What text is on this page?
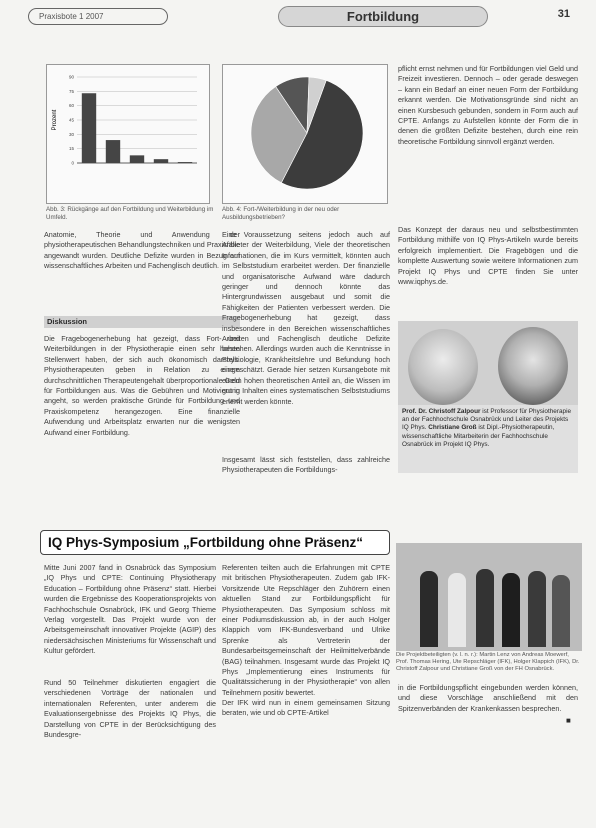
Praxisbote 1 2007	Fortbildung	31
0
15
30
45
60
75
90
Prozent
Abb. 3: Rückgänge auf den Fortbildung und Weiterbildung im Umfeld.
Abb. 4: Fort-/Weiterbildung in der neu oder Ausbildungsbetrieben?
Anatomie, Theorie und Anwendung der physiotherapeutischen Behandlungstechniken und Praxisfälle angewandt wurden. Deutliche Defizite wurden in Bezug auf wissenschaftliches Arbeiten und Fachenglisch deutlich.
Diskussion
Die Fragebogenerhebung hat gezeigt, dass Fort- und Weiterbildungen in der Physiotherapie einen sehr hohen Stellenwert haben, der sich auch ökonomisch darstellt. Physiotherapeuten geben in Relation zu einem durchschnittlichen Therapeutengehalt überproportionale Geld für Fortbildungen aus. Was die Gebühren und Motivierung angeht, so werden praktische Gründe für Fortbildung und Praxiskompetenz herangezogen. Eine finanzielle Aufwendung und Arbeitsplatz erwarten nur die wenigsten Aufwand einer Fortbildung.
Eine Voraussetzung seitens jedoch auch auf Anbieter der Weiterbildung, Viele der theoretischen Informationen, die im Kurs vermittelt, könnten auch im Selbststudium erarbeitet werden. Der finanzielle und organisatorische Aufwand wäre dadurch geringer und dennoch könnte das Hintergrundwissen ausgebaut und somit die Fähigkeiten der Patienten verbessert werden. Die Fragebogenerhebung hat gezeigt, dass insbesondere in den Bereichen wissenschaftliches Arbeiten und Fachenglisch deutliche Defizite bestehen. Allerdings wurden auch die Kenntnisse in Physiologie, Krankheitslehre und Befundung hoch eingeschätzt. Gerade hier setzen Kursangebote mit einem hohen theoretischen Anteil an, die Wissen im gut in Inhalten eines systematischen Selbststudiums erlernt werden könnte.
Insgesamt lässt sich feststellen, dass zahlreiche Physiotherapeuten die Fortbildungs-
pflicht ernst nehmen und für Fortbildungen viel Geld und Freizeit investieren. Dennoch – oder gerade deswegen – kann ein Bedarf an einer neuen Form der Fortbildung erkannt werden. Die Motivationsgründe sind nicht an einen Kursbesuch gebunden, sondern in Form auch auf CPTE. Anfangs zu Aufstellen könnte der Form die in denen die größten Defizite bestehen, durch eine rein theoretische Fortbildung sinnvoll ergänzt werden.
Das Konzept der daraus neu und selbstbestimmten Fortbildung mithilfe von IQ Phys-Artikeln wurde bereits erfolgreich implementiert. Die Fragebögen und die komplette Auswertung sowie weitere Informationen zum Projekt IQ Phys und CPTE finden Sie unter www.iqphys.de.
Prof. Dr. Christoff Zalpour ist Professor für Physiotherapie an der Fachhochschule Osnabrück und Leiter des Projekts IQ Phys. Christiane Groß ist Dipl.-Physiotherapeutin, wissenschaftliche Mitarbeiterin der Fachhochschule Osnabrück im Projekt IQ Phys.
IQ Phys-Symposium „Fortbildung ohne Präsenz“
Mitte Juni 2007 fand in Osnabrück das Symposium „IQ Phys und CPTE: Continuing Physiotherapy Education – Fortbildung ohne Präsenz“ statt. Hierbei wurden die Ergebnisse des Kooperationsprojekts von Fachhochschule Osnabrück, IFK und Georg Thieme Verlag vorgestellt. Das Projekt wurde von der Arbeitsgemeinschaft innovativer Projekte (AGIP) des niedersächsischen Ministeriums für Wissenschaft und Kultur gefördert.
Rund 50 Teilnehmer diskutierten engagiert die verschiedenen Vorträge der nationalen und internationalen Referenten, unter anderem die Evaluationsergebnisse des Projekts IQ Phys, die Darstellung von CPTE in der Berücksichtigung des Bundesgre-
Referenten teilten auch die Erfahrungen mit CPTE mit britischen Physiotherapeuten. Zudem gab IFK-Vorsitzende Ute Repschläger den Zuhörern einen aktuellen Stand zur Fortbildungspflicht für Physiotherapeuten. Das Symposium schloss mit einer Podiumsdiskussion ab, in der auch Holger Klappich vom IFK-Bundesverband und Ulrike Sprenke als Vertreterin der Bundesarbeitsgemeinschaft der Heilmittelverbände (BAG) teilnahmen. Insgesamt wurde das Projekt IQ Phys „Implementierung eines Instruments für Qualitätssicherung in der Physiotherapie“ von allen Teilnehmern positiv bewertet.
Der IFK wird nun in einem gemeinsamen Sitzung beraten, wie und ob CPTE-Artikel
Die Projektbeteiligten (v. l. n. r.): Martin Lenz von Andreas Moewerf, Prof. Thomas Hering, Ute Repschläger (IFK), Holger Klappich (IFK), Dr. Christoff Zalpour und Christiane Groß von der FH Osnabrück.
in die Fortbildungspflicht eingebunden werden können, und diese Vorschläge anschließend mit den Spitzenverbänden der Krankenkassen besprechen.
■
